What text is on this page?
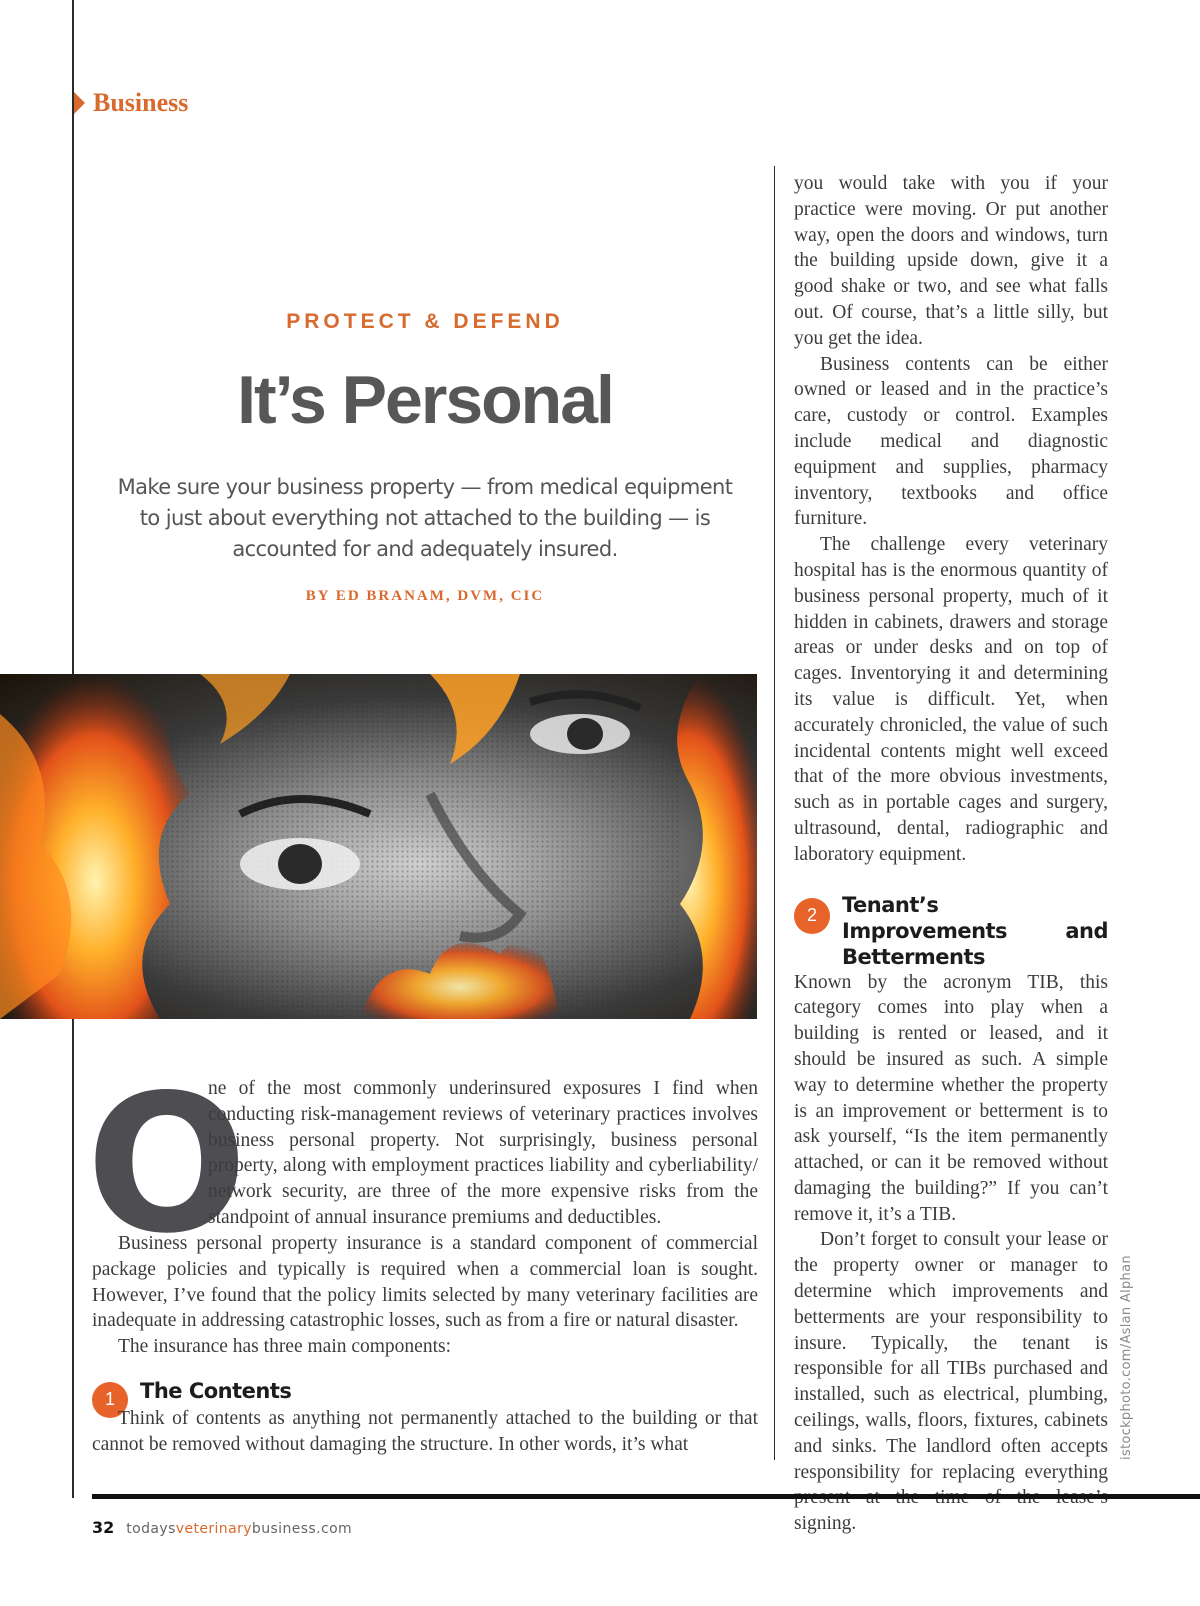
Business
PROTECT & DEFEND
It’s Personal
Make sure your business property — from medical equipment to just about everything not attached to the building — is accounted for and adequately insured.
BY ED BRANAM, DVM, CIC
O
ne of the most commonly underinsured exposures I find when conducting risk-management reviews of veterinary practices involves business personal property. Not surprisingly, business personal property, along with employment practices liability and cyberliability/ network security, are three of the more expensive risks from the standpoint of annual insurance premiums and deductibles.

Business personal property insurance is a standard component of commercial package policies and typically is required when a commercial loan is sought. However, I’ve found that the policy limits selected by many veterinary facilities are inadequate in addressing catastrophic losses, such as from a fire or natural disaster.

The insurance has three main components:

1	The Contents

Think of contents as anything not permanently attached to the building or that cannot be removed without damaging the structure. In other words, it’s what

you would take with you if your practice were moving. Or put another way, open the doors and windows, turn the building upside down, give it a good shake or two, and see what falls out. Of course, that’s a little silly, but you get the idea.

Business contents can be either owned or leased and in the practice’s care, custody or control. Examples include medical and diagnostic equipment and supplies, pharmacy inventory, textbooks and office furniture.

The challenge every veterinary hospital has is the enormous quantity of business personal property, much of it hidden in cabinets, drawers and storage areas or under desks and on top of cages. Inventorying it and determining its value is difficult. Yet, when accurately chronicled, the value of such incidental contents might well exceed that of the more obvious investments, such as in portable cages and surgery, ultrasound, dental, radiographic and laboratory equipment.

2	Tenant’s Improvements and Betterments

Known by the acronym TIB, this category comes into play when a building is rented or leased, and it should be insured as such. A simple way to determine whether the property is an improvement or betterment is to ask yourself, “Is the item permanently attached, or can it be removed without damaging the building?” If you can’t remove it, it’s a TIB.

Don’t forget to consult your lease or the property owner or manager to determine which improvements and betterments are your responsibility to insure. Typically, the tenant is responsible for all TIBs purchased and installed, such as electrical, plumbing, ceilings, walls, floors, fixtures, cabinets and sinks. The landlord often accepts responsibility for replacing everything signing.

istockphoto.com/Aslan Alphan
32 todaysveterinarybusiness.com
